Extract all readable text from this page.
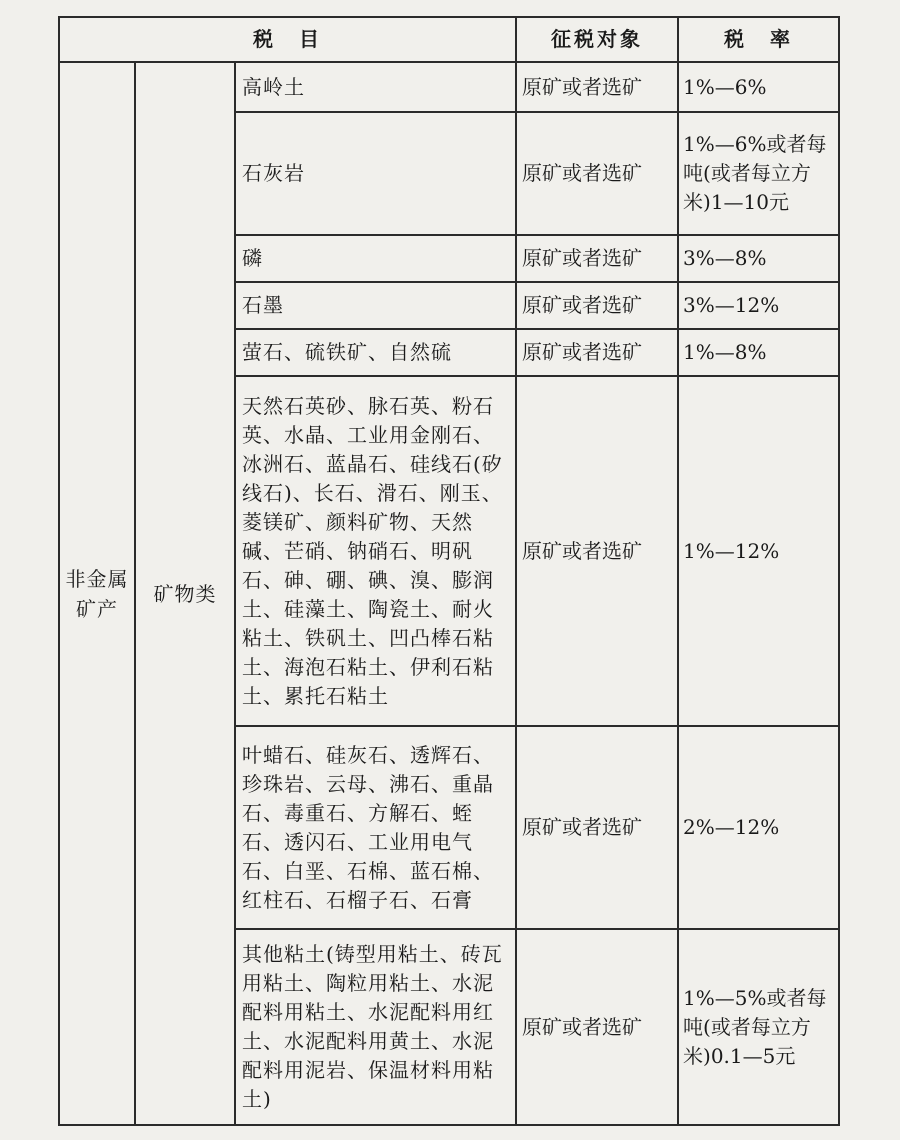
税　目			征税对象	税　率
非金属矿产	矿物类	高岭土	原矿或者选矿	1%—6%
		石灰岩	原矿或者选矿	1%—6%或者每吨(或者每立方米)1—10元
		磷	原矿或者选矿	3%—8%
		石墨	原矿或者选矿	3%—12%
		萤石、硫铁矿、自然硫	原矿或者选矿	1%—8%
		天然石英砂、脉石英、粉石英、水晶、工业用金刚石、冰洲石、蓝晶石、硅线石(矽线石)、长石、滑石、刚玉、菱镁矿、颜料矿物、天然碱、芒硝、钠硝石、明矾石、砷、硼、碘、溴、膨润土、硅藻土、陶瓷土、耐火粘土、铁矾土、凹凸棒石粘土、海泡石粘土、伊利石粘土、累托石粘土	原矿或者选矿	1%—12%
		叶蜡石、硅灰石、透辉石、珍珠岩、云母、沸石、重晶石、毒重石、方解石、蛭石、透闪石、工业用电气石、白垩、石棉、蓝石棉、红柱石、石榴子石、石膏	原矿或者选矿	2%—12%
		其他粘土(铸型用粘土、砖瓦用粘土、陶粒用粘土、水泥配料用粘土、水泥配料用红土、水泥配料用黄土、水泥配料用泥岩、保温材料用粘土)	原矿或者选矿	1%—5%或者每吨(或者每立方米)0.1—5元
